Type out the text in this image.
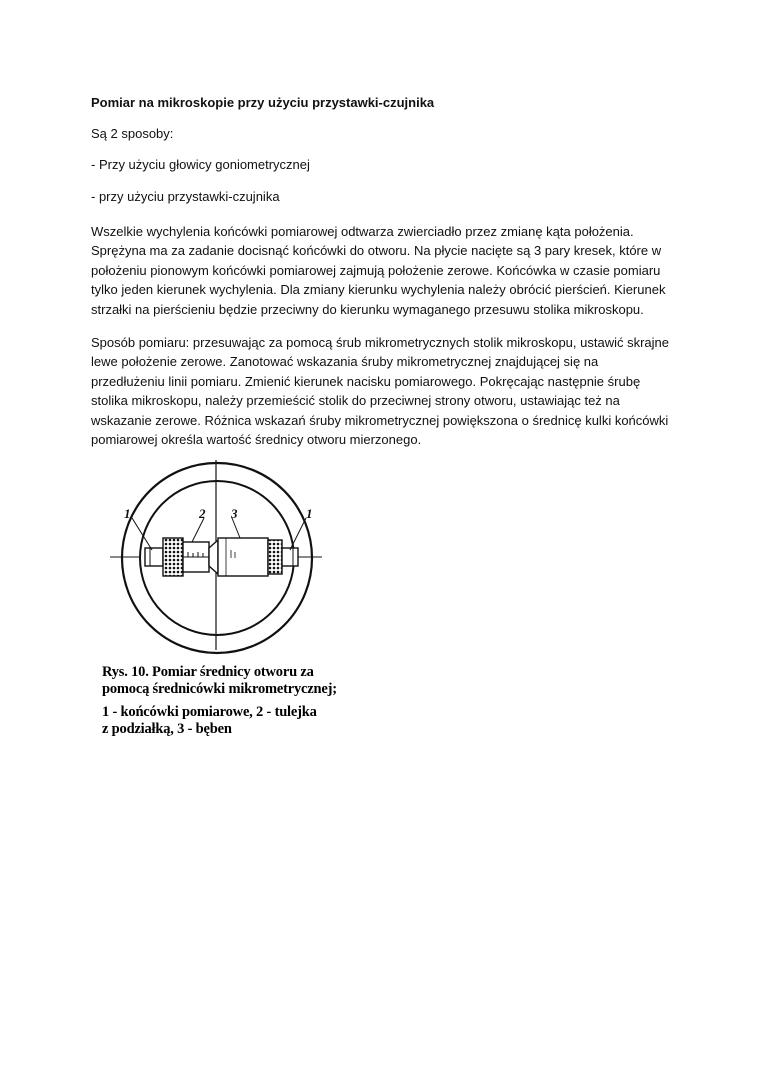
Pomiar na mikroskopie przy użyciu przystawki-czujnika
Są 2 sposoby:
- Przy użyciu głowicy goniometrycznej
- przy użyciu przystawki-czujnika
Wszelkie wychylenia końcówki pomiarowej odtwarza zwierciadło przez zmianę kąta położenia.
Sprężyna ma za zadanie docisnąć końcówki do otworu. Na płycie nacięte są 3 pary kresek, które w
położeniu pionowym końcówki pomiarowej zajmują położenie zerowe. Końcówka w czasie pomiaru
tylko jeden kierunek wychylenia. Dla zmiany kierunku wychylenia należy obrócić pierścień. Kierunek
strzałki na pierścieniu będzie przeciwny do kierunku wymaganego przesuwu stolika mikroskopu.
Sposób pomiaru: przesuwając za pomocą śrub mikrometrycznych stolik mikroskopu, ustawić skrajne
lewe położenie zerowe. Zanotować wskazania śruby mikrometrycznej znajdującej się na
przedłużeniu linii pomiaru. Zmienić kierunek nacisku pomiarowego. Pokręcając następnie śrubę
stolika mikroskopu, należy przemieścić stolik do przeciwnej strony otworu, ustawiając też na
wskazanie zerowe. Różnica wskazań śruby mikrometrycznej powiększona o średnicę kulki końcówki
pomiarowej określa wartość średnicy otworu mierzonego.
1	2 3	1
Rys. 10. Pomiar średnicy otworu za
pomocą średnicówki mikrometrycznej;
1 - końcówki pomiarowe, 2 - tulejka
z podziałką, 3 - bęben
